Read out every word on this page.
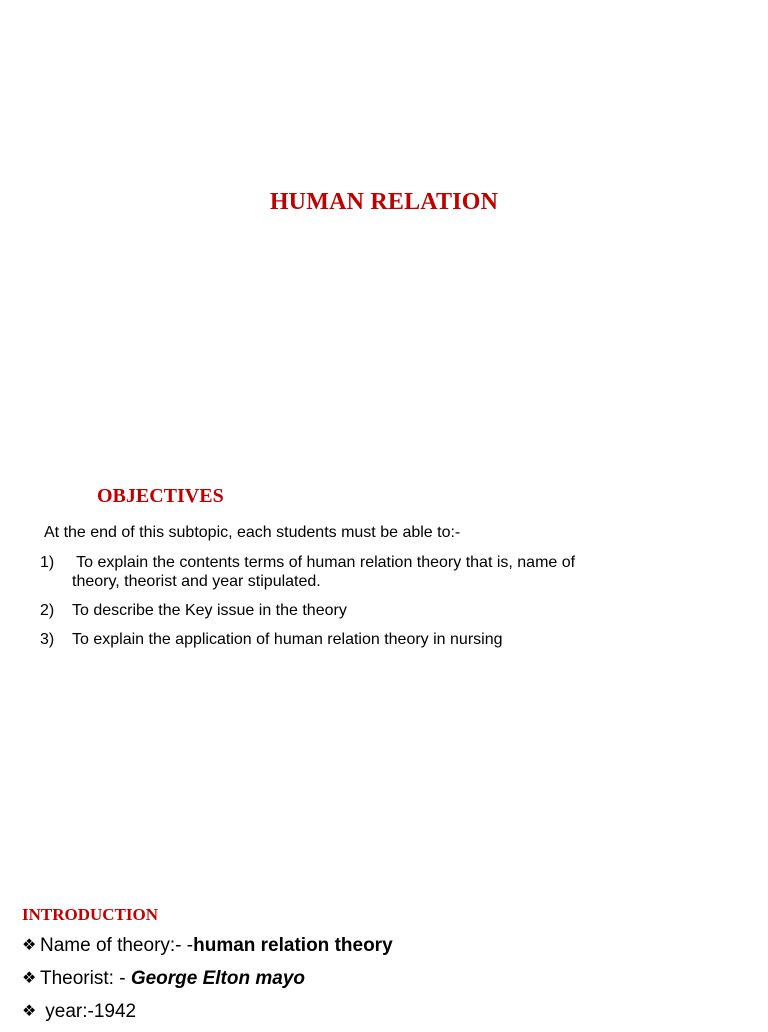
HUMAN RELATION
OBJECTIVES

At the end of this subtopic, each students must be able to:-

1) To explain the contents terms of human relation theory that is, name of
theory, theorist and year stipulated.
2) To describe the Key issue in the theory
3) To explain the application of human relation theory in nursing
INTRODUCTION
❖ Name of theory:- -human relation theory
❖ Theorist: - George Elton mayo
❖ year:-1942
